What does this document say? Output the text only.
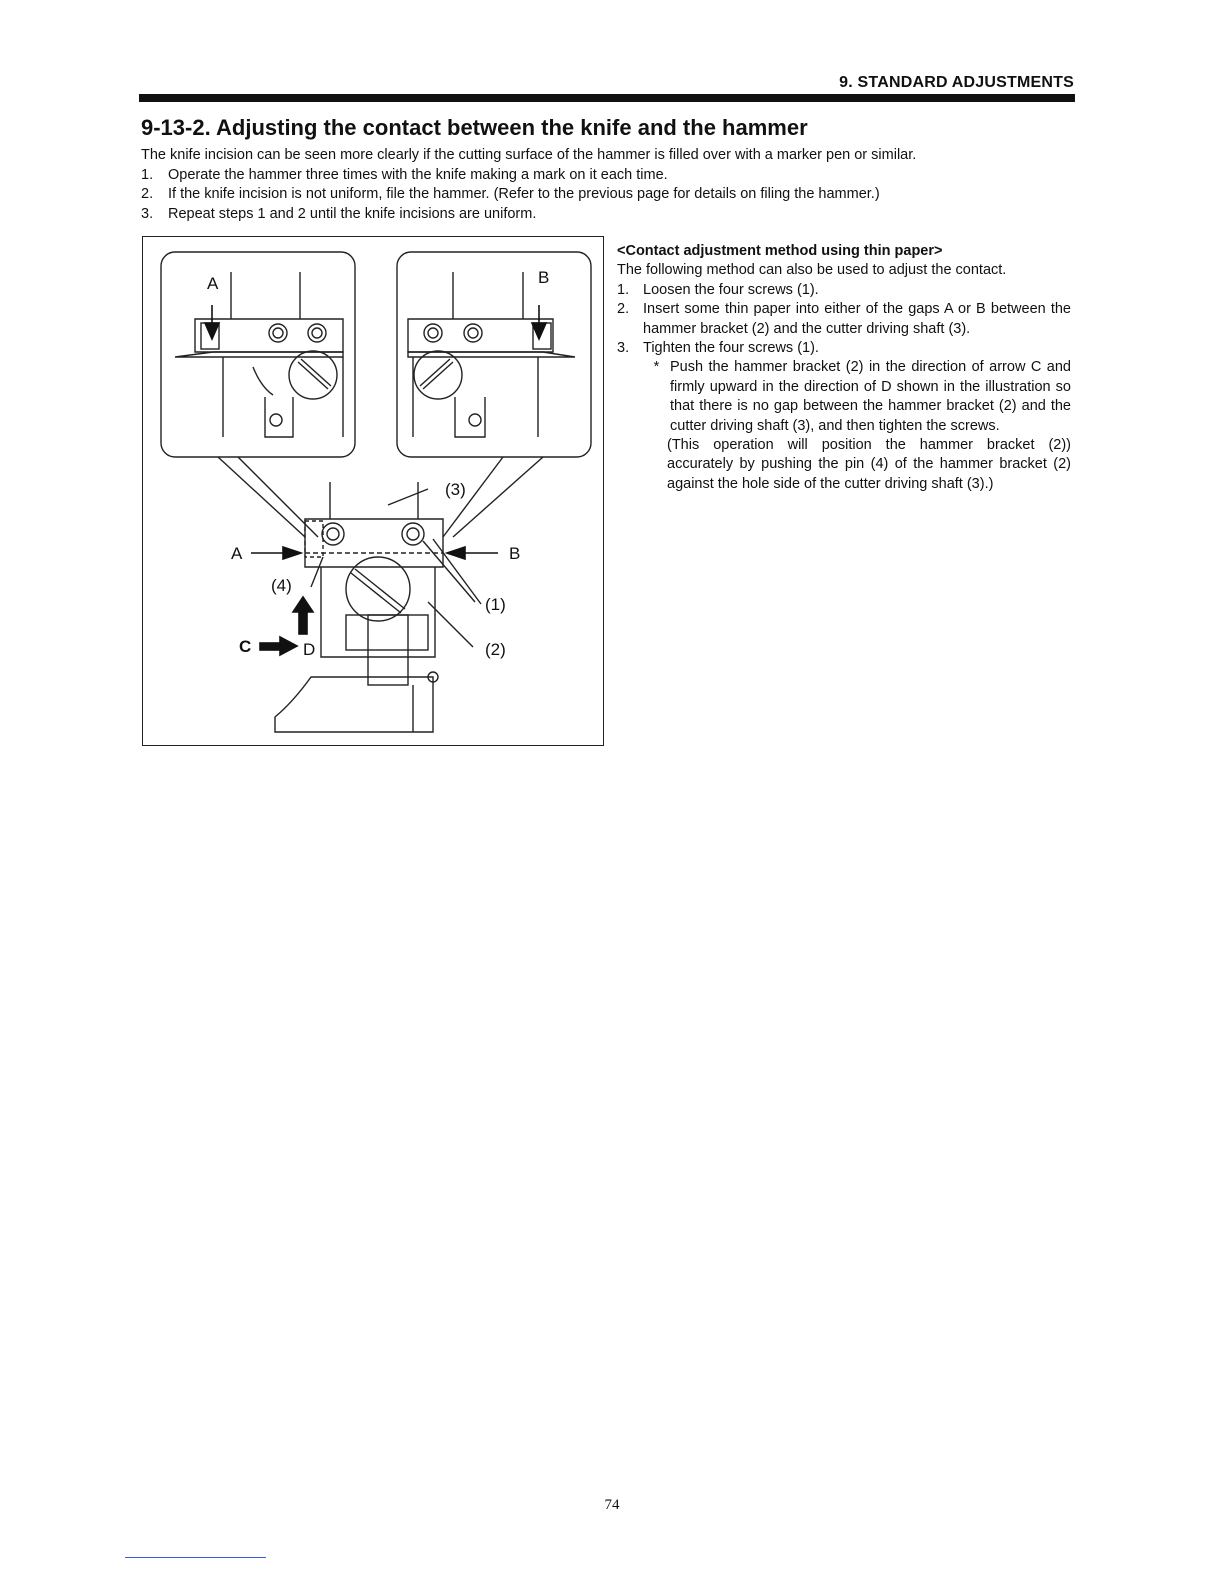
9. STANDARD ADJUSTMENTS
9-13-2. Adjusting the contact between the knife and the hammer

The knife incision can be seen more clearly if the cutting surface of the hammer is filled over with a marker pen or similar.

1.	Operate the hammer three times with the knife making a mark on it each time.
2.	If the knife incision is not uniform, file the hammer. (Refer to the previous page for details on filing the hammer.)
3.	Repeat steps 1 and 2 until the knife incisions are uniform.
A	B
A	B
C	D
(3)
(1)
(2)
(4)
<Contact adjustment method using thin paper>
The following method can also be used to adjust the contact.
1. Loosen the four screws (1).
2. Insert some thin paper into either of the gaps A or B between the hammer bracket (2) and the cutter driving shaft (3).
3. Tighten the four screws (1).
* Push the hammer bracket (2) in the direction of arrow C and firmly upward in the direction of D shown in the illustration so that there is no gap between the hammer bracket (2) and the cutter driving shaft (3), and then tighten the screws.
(This operation will position the hammer bracket (2)) accurately by pushing the pin (4) of the hammer bracket (2) against the hole side of the cutter driving shaft (3).)
74
